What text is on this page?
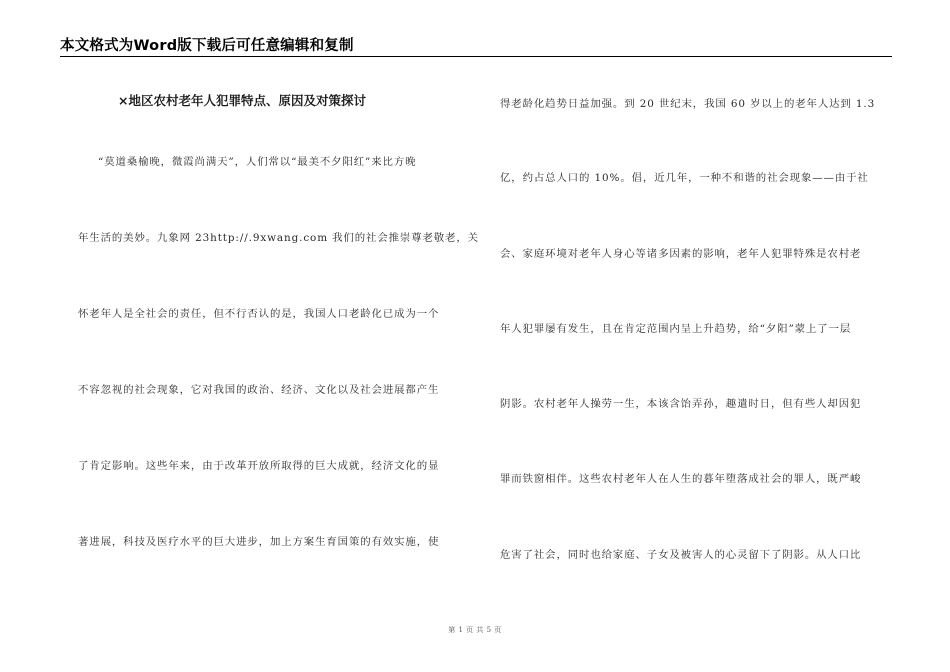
本文格式为Word版下载后可任意编辑和复制
×地区农村老年人犯罪特点、原因及对策探讨
“莫道桑榆晚，微霞尚满天”，人们常以“最美不夕阳红”来比方晚
年生活的美妙。九象网 23http://.9xwang.com 我们的社会推崇尊老敬老，关
怀老年人是全社会的责任，但不行否认的是，我国人口老龄化已成为一个
不容忽视的社会现象，它对我国的政治、经济、文化以及社会进展都产生
了肯定影响。这些年来，由于改革开放所取得的巨大成就，经济文化的显
著进展，科技及医疗水平的巨大进步，加上方案生育国策的有效实施，使
得老龄化趋势日益加强。到 20 世纪末，我国 60 岁以上的老年人达到 1.3
亿，约占总人口的 10%。倡，近几年，一种不和谐的社会现象——由于社
会、家庭环境对老年人身心等诸多因素的影响，老年人犯罪特殊是农村老
年人犯罪屡有发生，且在肯定范围内呈上升趋势，给“夕阳”蒙上了一层
阴影。农村老年人操劳一生，本该含饴弄孙，趣遣时日，但有些人却因犯
罪而铁窗相伴。这些农村老年人在人生的暮年堕落成社会的罪人，既严峻
危害了社会，同时也给家庭、子女及被害人的心灵留下了阴影。从人口比
第 1 页 共 5 页
